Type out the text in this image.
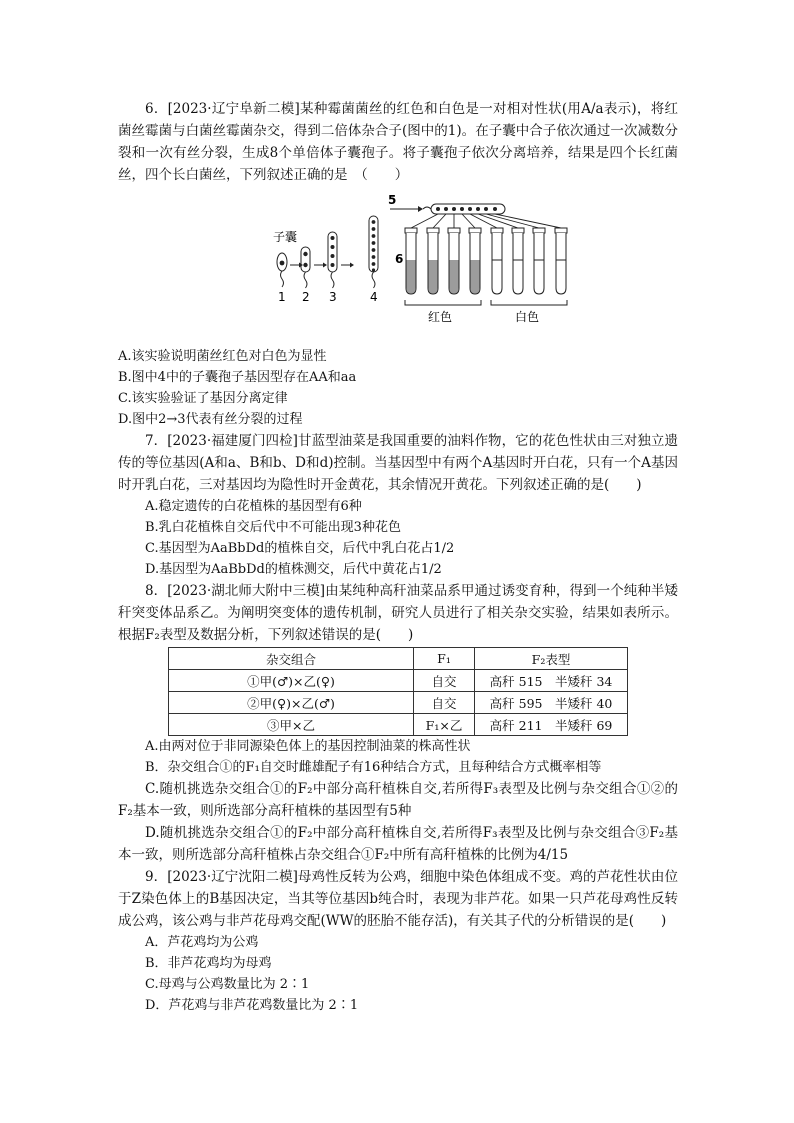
6．[2023·辽宁阜新二模]某种霉菌菌丝的红色和白色是一对相对性状(用A/a表示)，将红菌丝霉菌与白菌丝霉菌杂交，得到二倍体杂合子(图中的1)。在子囊中合子依次通过一次减数分裂和一次有丝分裂，生成8个单倍体子囊孢子。将子囊孢子依次分离培养，结果是四个长红菌丝，四个长白菌丝，下列叙述正确的是　（　　）

子囊
1 2 3	4
5
6
红色	白色

A.该实验说明菌丝红色对白色为显性

B.图中4中的子囊孢子基因型存在AA和aa

C.该实验验证了基因分离定律

D.图中2→3代表有丝分裂的过程

7．[2023·福建厦门四检]甘蓝型油菜是我国重要的油料作物，它的花色性状由三对独立遗传的等位基因(A和a、B和b、D和d)控制。当基因型中有两个A基因时开白花，只有一个A基因时开乳白花，三对基因均为隐性时开金黄花，其余情况开黄花。下列叙述正确的是(　　)

A.稳定遗传的白花植株的基因型有6种

B.乳白花植株自交后代中不可能出现3种花色

C.基因型为AaBbDd的植株自交，后代中乳白花占1/2

D.基因型为AaBbDd的植株测交，后代中黄花占1/2

8．[2023·湖北师大附中三模]由某纯种高秆油菜品系甲通过诱变育种，得到一个纯种半矮秆突变体品系乙。为阐明突变体的遗传机制，研究人员进行了相关杂交实验，结果如表所示。根据F₂表型及数据分析，下列叙述错误的是(　　)

杂交组合	F₁	F₂表型
①甲(♂)×乙(♀)	自交	高秆 515　半矮秆 34
②甲(♀)×乙(♂)	自交	高秆 595　半矮秆 40
③甲×乙	F₁×乙	高秆 211　半矮秆 69

A.由两对位于非同源染色体上的基因控制油菜的株高性状

B．杂交组合①的F₁自交时雌雄配子有16种结合方式，且每种结合方式概率相等

C.随机挑选杂交组合①的F₂中部分高秆植株自交,若所得F₃表型及比例与杂交组合①②的F₂基本一致，则所选部分高秆植株的基因型有5种

D.随机挑选杂交组合①的F₂中部分高秆植株自交,若所得F₃表型及比例与杂交组合③F₂基本一致，则所选部分高秆植株占杂交组合①F₂中所有高秆植株的比例为4/15

9．[2023·辽宁沈阳二模]母鸡性反转为公鸡，细胞中染色体组成不变。鸡的芦花性状由位于Z染色体上的B基因决定，当其等位基因b纯合时，表现为非芦花。如果一只芦花母鸡性反转成公鸡，该公鸡与非芦花母鸡交配(WW的胚胎不能存活)，有关其子代的分析错误的是(　　)

A．芦花鸡均为公鸡

B．非芦花鸡均为母鸡

C.母鸡与公鸡数量比为 2∶1

D．芦花鸡与非芦花鸡数量比为 2∶1
